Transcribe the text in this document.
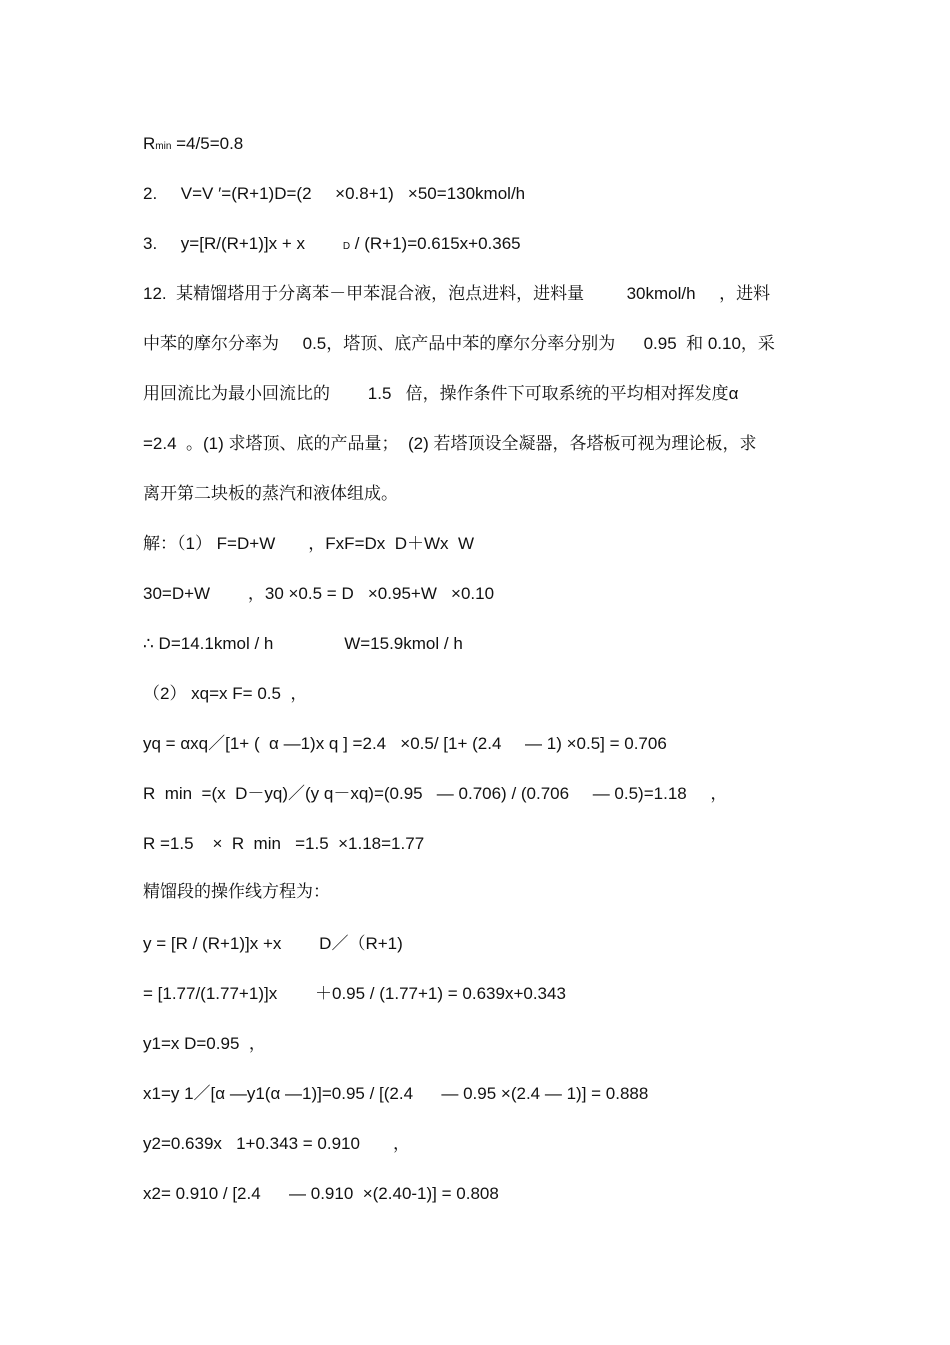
Rmin =4/5=0.8
2.     V=V ′=(R+1)D=(2     ×0.8+1)   ×50=130kmol/h
3.     y=[R/(R+1)]x + x        D / (R+1)=0.615x+0.365
12.  某精馏塔用于分离苯－甲苯混合液，泡点进料，进料量         30kmol/h     ，进料
中苯的摩尔分率为     0.5，塔顶、底产品中苯的摩尔分率分别为      0.95  和 0.10，采
用回流比为最小回流比的        1.5   倍，操作条件下可取系统的平均相对挥发度α
=2.4  。(1) 求塔顶、底的产品量；  (2) 若塔顶设全凝器，各塔板可视为理论板，求
离开第二块板的蒸汽和液体组成。
解：（1） F=D+W       ，FxF=Dx  D＋Wx  W
30=D+W        ，30 ×0.5 = D   ×0.95+W   ×0.10
∴ D=14.1kmol / h               W=15.9kmol / h
（2） xq=x F= 0.5  ，
yq = αxq／[1+ (  α —1)x q ] =2.4   ×0.5/ [1+ (2.4     — 1) ×0.5] = 0.706
R  min  =(x  D－yq)／(y q－xq)=(0.95   — 0.706) / (0.706     — 0.5)=1.18     ，
R =1.5    ×  R  min   =1.5  ×1.18=1.77
精馏段的操作线方程为：
y = [R / (R+1)]x +x        D／（R+1)
= [1.77/(1.77+1)]x        ＋0.95 / (1.77+1) = 0.639x+0.343
y1=x D=0.95  ，
x1=y 1／[α —y1(α —1)]=0.95 / [(2.4      — 0.95 ×(2.4 — 1)] = 0.888
y2=0.639x   1+0.343 = 0.910       ，
x2= 0.910 / [2.4      — 0.910  ×(2.40-1)] = 0.808
